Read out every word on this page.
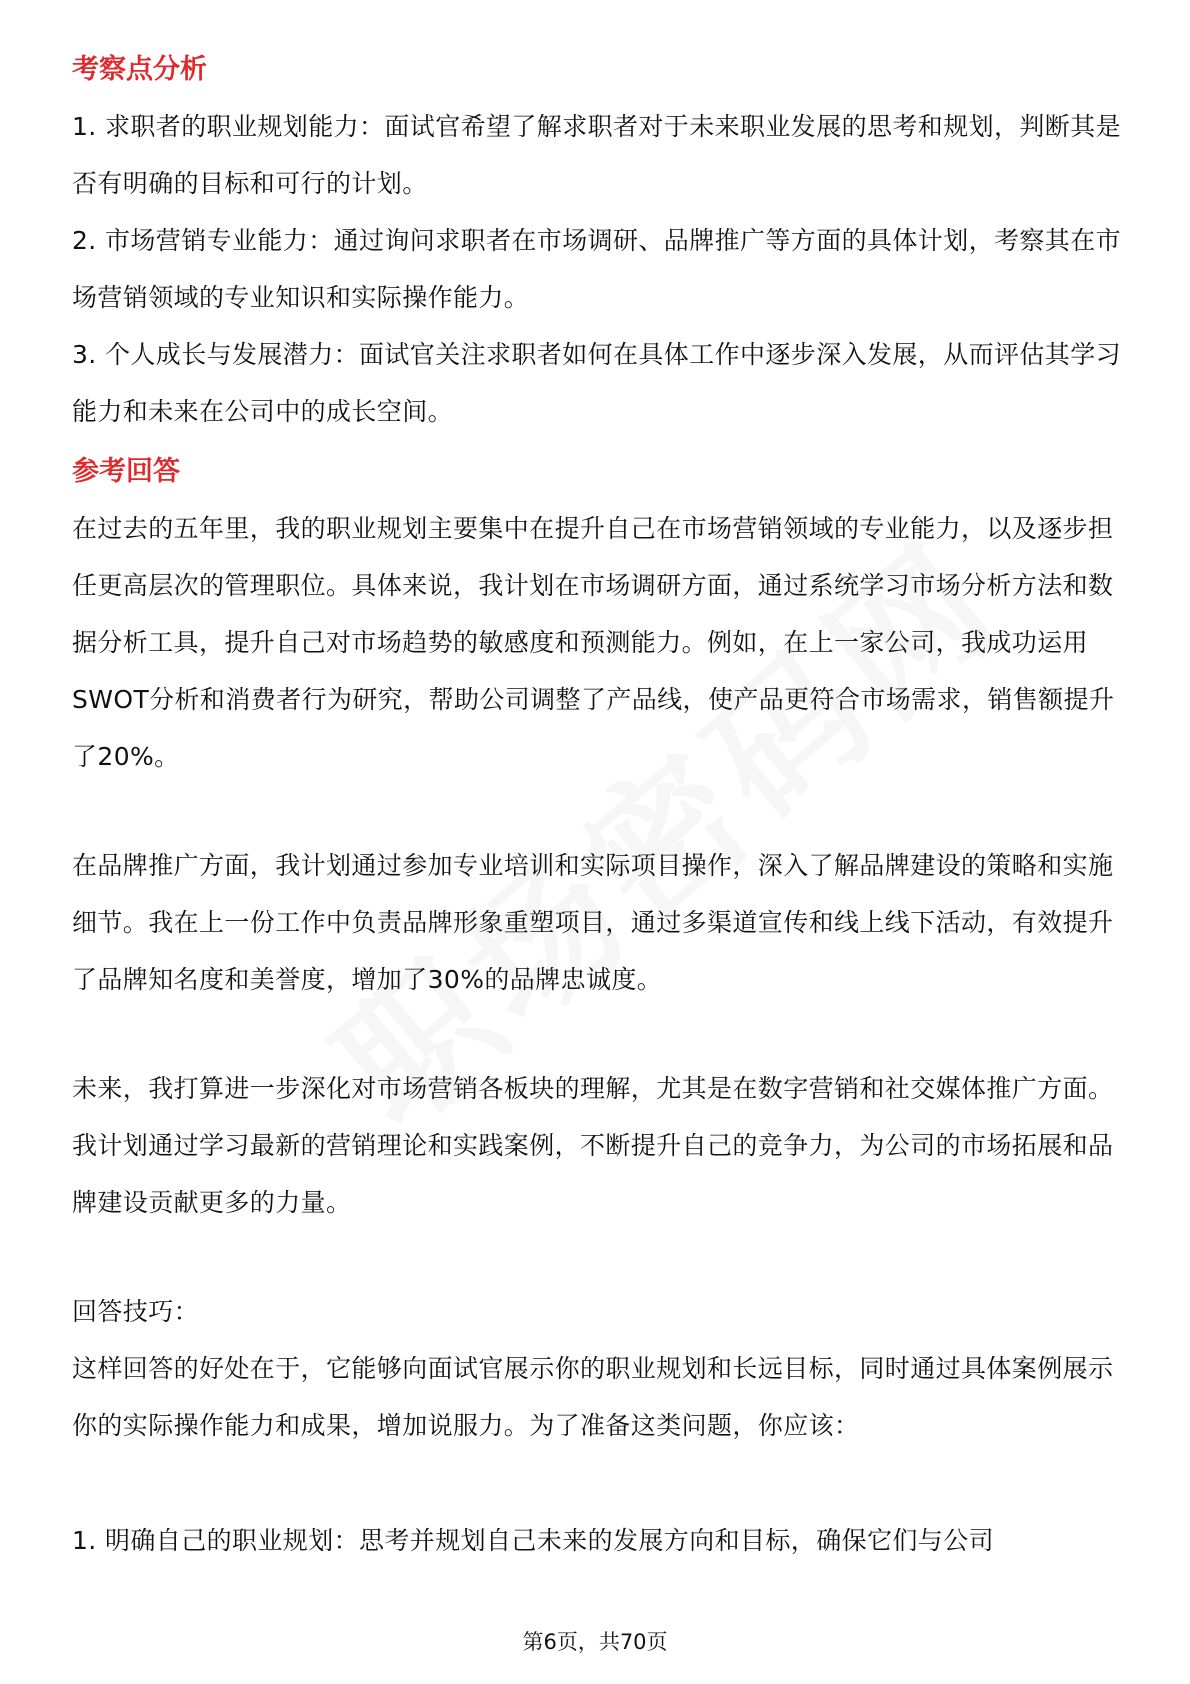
考察点分析

1. 求职者的职业规划能力：面试官希望了解求职者对于未来职业发展的思考和规划，判断其是否有明确的目标和可行的计划。

2. 市场营销专业能力：通过询问求职者在市场调研、品牌推广等方面的具体计划，考察其在市场营销领域的专业知识和实际操作能力。

3. 个人成长与发展潜力：面试官关注求职者如何在具体工作中逐步深入发展，从而评估其学习能力和未来在公司中的成长空间。

参考回答

在过去的五年里，我的职业规划主要集中在提升自己在市场营销领域的专业能力，以及逐步担任更高层次的管理职位。具体来说，我计划在市场调研方面，通过系统学习市场分析方法和数据分析工具，提升自己对市场趋势的敏感度和预测能力。例如，在上一家公司，我成功运用SWOT分析和消费者行为研究，帮助公司调整了产品线，使产品更符合市场需求，销售额提升了20%。

在品牌推广方面，我计划通过参加专业培训和实际项目操作，深入了解品牌建设的策略和实施细节。我在上一份工作中负责品牌形象重塑项目，通过多渠道宣传和线上线下活动，有效提升了品牌知名度和美誉度，增加了30%的品牌忠诚度。

未来，我打算进一步深化对市场营销各板块的理解，尤其是在数字营销和社交媒体推广方面。我计划通过学习最新的营销理论和实践案例，不断提升自己的竞争力，为公司的市场拓展和品牌建设贡献更多的力量。

回答技巧：

这样回答的好处在于，它能够向面试官展示你的职业规划和长远目标，同时通过具体案例展示你的实际操作能力和成果，增加说服力。为了准备这类问题，你应该：

1. 明确自己的职业规划：思考并规划自己未来的发展方向和目标，确保它们与公司

第6页，共70页
